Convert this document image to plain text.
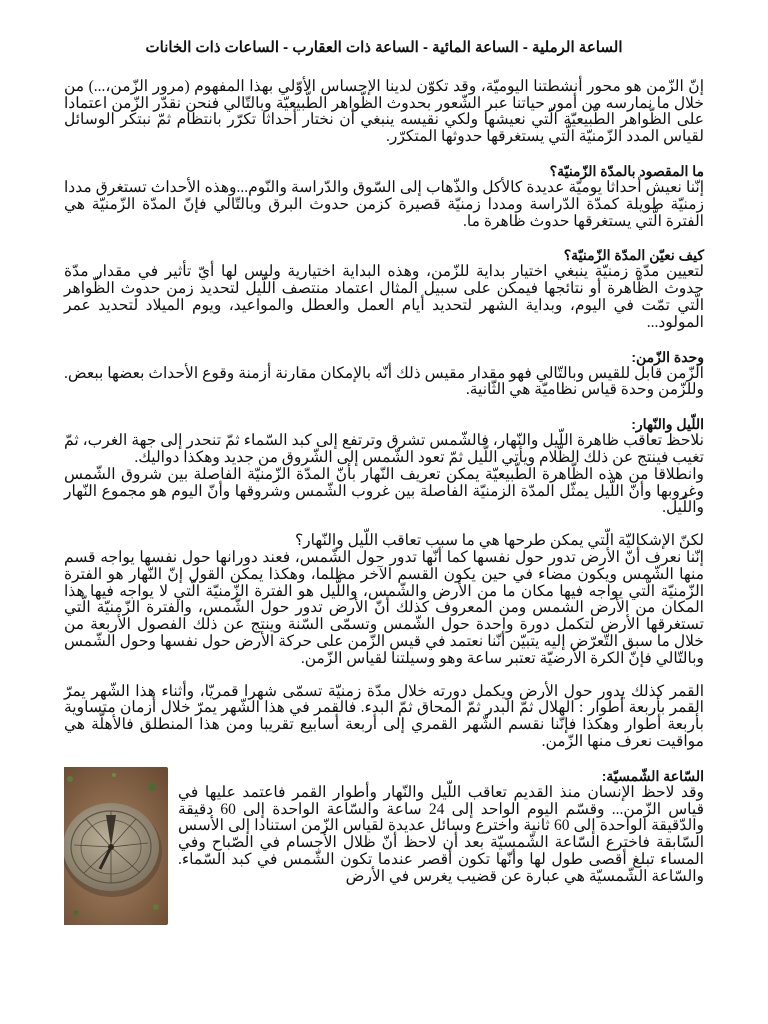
الساعة الرملية - الساعة المائية - الساعة ذات العقارب - الساعات ذات الخانات

إنّ الزّمن هو محور أنشطتنا اليوميّة، وقد تكوّن لدينا الإحساس الأوّلي بهذا المفهوم (مرور الزّمن،...) من خلال ما نمارسه من أمور حياتنا عبر الشّعور بحدوث الظّواهر الطّبيعيّة وبالتّالي فنحن نقدّر الزّمن اعتمادا على الظّواهر الطّبيعيّة الّتي نعيشها ولكي نقيسه ينبغي أن نختار أحداثا تكرّر بانتظام ثمّ نبتكر الوسائل لقياس المدد الزّمنيّة الّتي يستغرقها حدوثها المتكرّر.

ما المقصود بالمدّة الزّمنيّة؟

إنّنا نعيش أحداثا يوميّة عديدة كالأكل والذّهاب إلى السّوق والدّراسة والنّوم...وهذه الأحداث تستغرق مددا زمنيّة طويلة كمدّة الدّراسة ومددا زمنيّة قصيرة كزمن حدوث البرق وبالتّالي فإنّ المدّة الزّمنيّة هي الفترة الّتي يستغرقها حدوث ظاهرة ما.

كيف نعيّن المدّة الزّمنيّة؟

لتعيين مدّة زمنيّة ينبغي اختيار بداية للزّمن، وهذه البداية اختيارية وليس لها أيّ تأثير في مقدار مدّة حدوث الظّاهرة أو نتائجها فيمكن على سبيل المثال اعتماد منتصف اللّيل لتحديد زمن حدوث الظّواهر الّتي تمّت في اليوم، وبداية الشهر لتحديد أيام العمل والعطل والمواعيد، ويوم الميلاد لتحديد عمر المولود...

وحدة الزّمن:

الزّمن قابل للقيس وبالتّالي فهو مقدار مقيس ذلك أنّه بالإمكان مقارنة أزمنة وقوع الأحداث بعضها ببعض. وللزّمن وحدة قياس نظاميّة هي الثّانية.

اللّيل والنّهار:

نلاحظ تعاقب ظاهرة اللّيل والنّهار، فالشّمس تشرق وترتفع إلى كبد السّماء ثمّ تنحدر إلى جهة الغرب، ثمّ تغيب فينتج عن ذلك الظّلام ويأتي اللّيل ثمّ تعود الشّمس إلى الشّروق من جديد وهكذا دواليك.

وانطلاقا من هذه الظّاهرة الطّبيعيّة يمكن تعريف النّهار بأنّ المدّة الزّمنيّة الفاصلة بين شروق الشّمس وغروبها وأنّ اللّيل يمثّل المدّة الزمنيّة الفاصلة بين غروب الشّمس وشروقها وأنّ اليوم هو مجموع النّهار واللّيل.

لكنّ الإشكاليّة الّتي يمكن طرحها هي ما سبب تعاقب اللّيل والنّهار؟

إنّنا نعرف أنّ الأرض تدور حول نفسها كما أنّها تدور حول الشّمس، فعند دورانها حول نفسها يواجه قسم منها الشّمس ويكون مضاء في حين يكون القسم الآخر مظلما، وهكذا يمكن القول إنّ النّهار هو الفترة الزّمنيّة الّتي يواجه فيها مكان ما من الأرض والشّمس، واللّيل هو الفترة الزّمنيّة الّتي لا يواجه فيها هذا المكان من الأرض الشمس ومن المعروف كذلك أنّ الأرض تدور حول الشّمس، والفترة الزّمنيّة الّتي تستغرقها الأرض لتكمل دورة واحدة حول الشّمس وتسمّى السّنة وينتج عن ذلك الفصول الأربعة من خلال ما سبق التّعرّض إليه يتبيّن أنّنا نعتمد في قيس الزّمن على حركة الأرض حول نفسها وحول الشّمس وبالتّالي فإنّ الكرة الأرضيّة تعتبر ساعة وهو وسيلتنا لقياس الزّمن.

القمر كذلك يدور حول الأرض ويكمل دورته خلال مدّة زمنيّة تسمّى شهرا قمريّا، وأثناء هذا الشّهر يمرّ القمر بأربعة أطوار : الهلال ثمّ البدر ثمّ المحاق ثمّ البدء. فالقمر في هذا الشّهر يمرّ خلال أزمان متساوية بأربعة أطوار وهكذا فإنّنا نقسم الشّهر القمري إلى أربعة أسابيع تقريبا ومن هذا المنطلق فالأهلّة هي مواقيت نعرف منها الزّمن.

السّاعة الشّمسيّة:

وقد لاحظ الإنسان منذ القديم تعاقب اللّيل والنّهار وأطوار القمر فاعتمد عليها في قياس الزّمن... وقسّم اليوم الواحد إلى 24 ساعة والسّاعة الواحدة إلى 60 دقيقة والدّقيقة الواحدة إلى 60 ثانية واخترع وسائل عديدة لقياس الزّمن استنادا إلى الأسس السّابقة فاخترع السّاعة الشّمسيّة بعد أن لاحظ أنّ ظلال الأجسام في الصّباح وفي المساء تبلغ أقصى طول لها وأنّها تكون أقصر عندما تكون الشّمس في كبد السّماء. والسّاعة الشّمسيّة هي عبارة عن قضيب يغرس في الأرض
